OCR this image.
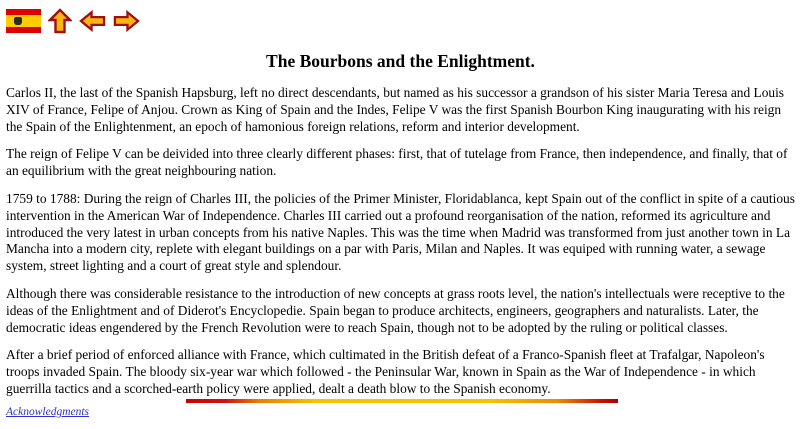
The Bourbons and the Enlightment.

Carlos II, the last of the Spanish Hapsburg, left no direct descendants, but named as his successor a grandson of his sister Maria Teresa and Louis XIV of France, Felipe of Anjou. Crown as King of Spain and the Indes, Felipe V was the first Spanish Bourbon King inaugurating with his reign the Spain of the Enlightenment, an epoch of hamonious foreign relations, reform and interior development.

The reign of Felipe V can be deivided into three clearly different phases: first, that of tutelage from France, then independence, and finally, that of an equilibrium with the great neighbouring nation.

1759 to 1788: During the reign of Charles III, the policies of the Primer Minister, Floridablanca, kept Spain out of the conflict in spite of a cautious intervention in the American War of Independence. Charles III carried out a profound reorganisation of the nation, reformed its agriculture and introduced the very latest in urban concepts from his native Naples. This was the time when Madrid was transformed from just another town in La Mancha into a modern city, replete with elegant buildings on a par with Paris, Milan and Naples. It was equiped with running water, a sewage system, street lighting and a court of great style and splendour.

Although there was considerable resistance to the introduction of new concepts at grass roots level, the nation's intellectuals were receptive to the ideas of the Enlightment and of Diderot's Encyclopedie. Spain began to produce architects, engineers, geographers and naturalists. Later, the democratic ideas engendered by the French Revolution were to reach Spain, though not to be adopted by the ruling or political classes.

After a brief period of enforced alliance with France, which cultimated in the British defeat of a Franco-Spanish fleet at Trafalgar, Napoleon's troops invaded Spain. The bloody six-year war which followed - the Peninsular War, known in Spain as the War of Independence - in which guerrilla tactics and a scorched-earth policy were applied, dealt a death blow to the Spanish economy.

Acknowledgments
